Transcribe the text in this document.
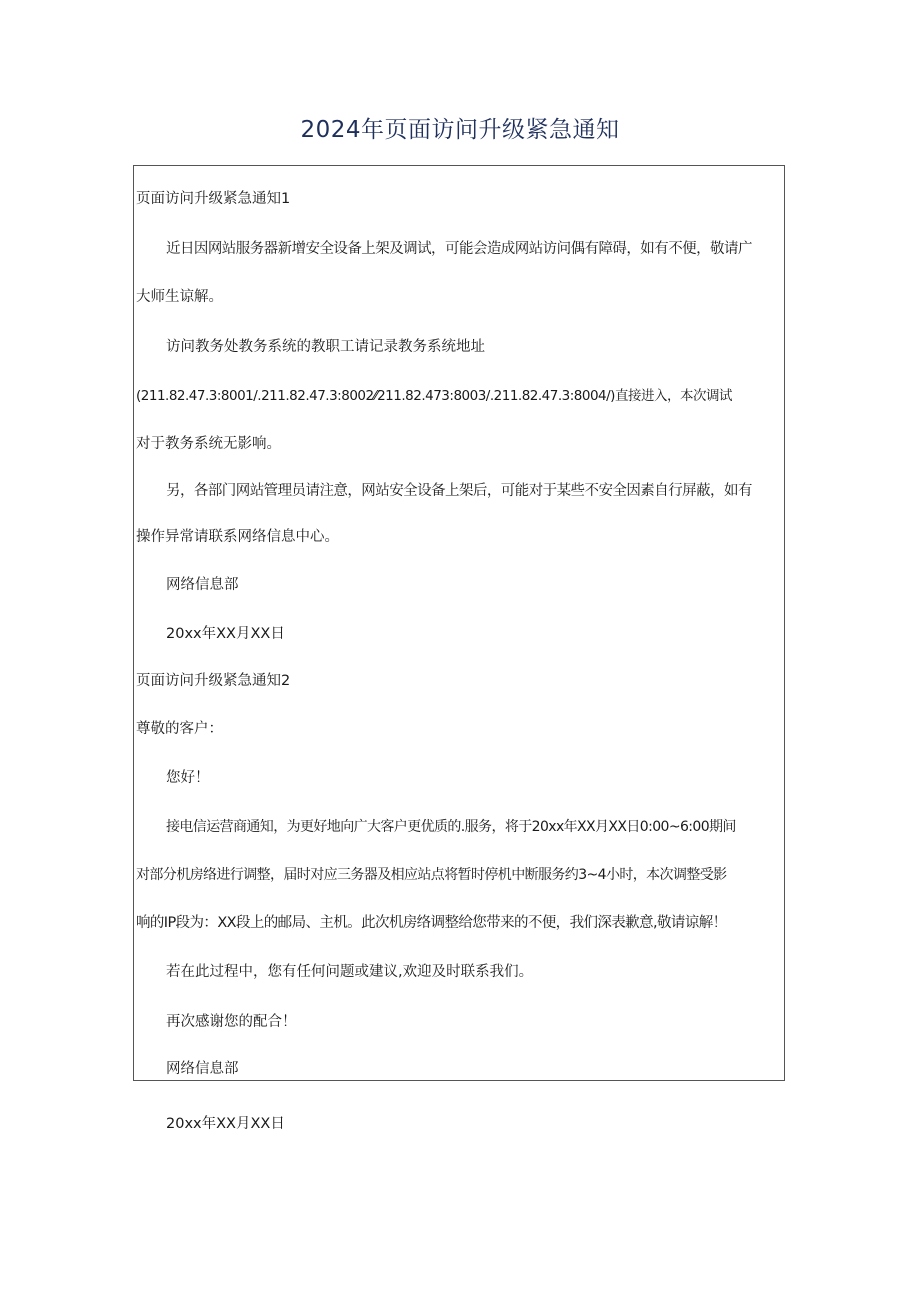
2024年页面访问升级紧急通知
页面访问升级紧急通知1
近日因网站服务器新增安全设备上架及调试，可能会造成网站访问偶有障碍，如有不便，敬请广
大师生谅解。
访问教务处教务系统的教职工请记录教务系统地址
(211.82.47.3:8001/.211.82.47.3:8002⁄⁄211.82.473:8003/.211.82.47.3:8004/)直接进入，本次调试
对于教务系统无影响。
另，各部门网站管理员请注意，网站安全设备上架后，可能对于某些不安全因素自行屏蔽，如有
操作异常请联系网络信息中心。
网络信息部
20xx年XX月XX日
页面访问升级紧急通知2
尊敬的客户：
您好！
接电信运营商通知，为更好地向广大客户更优质的.服务，将于20xx年XX月XX日0:00~6:00期间
对部分机房络进行调整，届时对应三务器及相应站点将暂时停机中断服务约3~4小时，本次调整受影
响的IP段为：XX段上的邮局、主机。此次机房络调整给您带来的不便，我们深表歉意,敬请谅解！
若在此过程中，您有任何问题或建议,欢迎及时联系我们。
再次感谢您的配合！
网络信息部
20xx年XX月XX日
